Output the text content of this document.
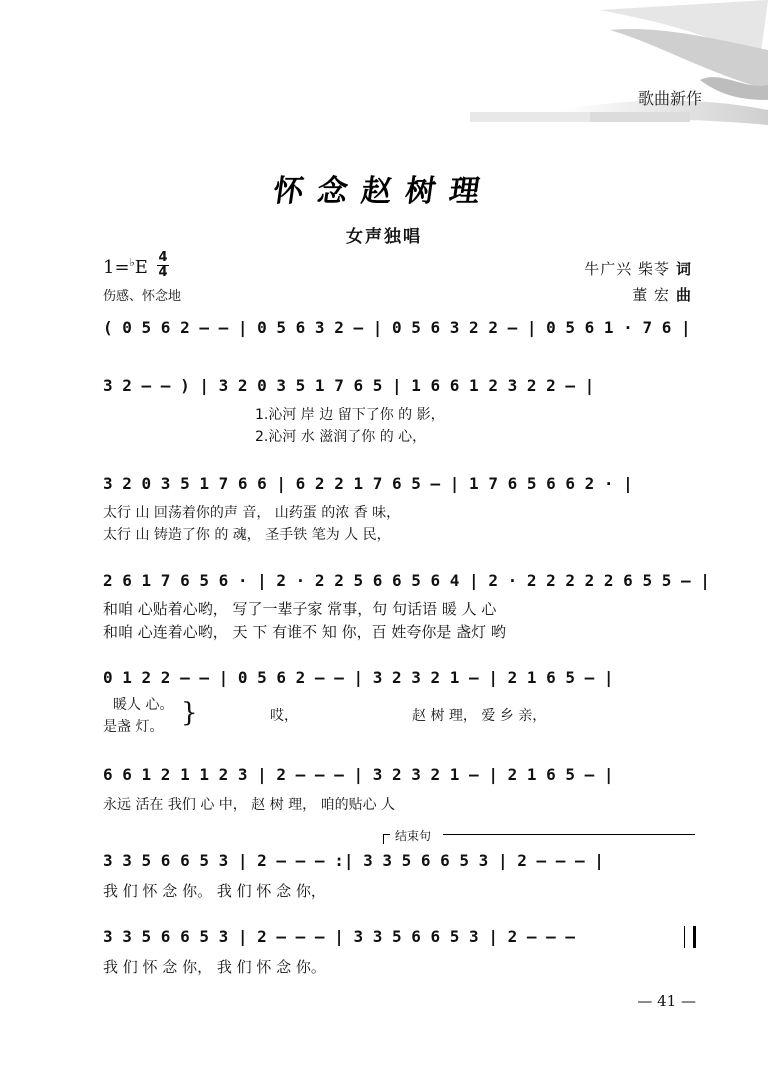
歌曲新作
怀念赵树理
女声独唱
1=♭E 4
4
伤感、怀念地
牛广兴 柴苓 词
董 宏 曲
( 0 5 6 2 – – | 0 5 6 3 2 – | 0 5 6 3 2 2 – | 0 5 6 1 · 7 6 |
3 2 – – ) | 3 2 0 3 5 1 7 6 5 | 1 6 6 1 2 3 2 2 – |
3 2 0 3 5 1 7 6 6 | 6 2 2 1 7 6 5 – | 1 7 6 5 6 6 2 · |
2 6 1 7 6 5 6 · | 2 · 2 2 5 6 6 5 6 4 | 2 · 2 2 2 2 2 6 5 5 – |
0 1 2 2 – – | 0 5 6 2 – – | 3 2 3 2 1 – | 2 1 6 5 – |
6 6 1 2 1 1 2 3 | 2 – – – | 3 2 3 2 1 – | 2 1 6 5 – |
3 3 5 6 6 5 3 | 2 – – – :| 3 3 5 6 6 5 3 | 2 – – – |
3 3 5 6 6 5 3 | 2 – – – | 3 3 5 6 6 5 3 | 2 – – –
1.沁河 岸 边 留下了你 的 影，
2.沁河 水 滋润了你 的 心，
太行 山 回荡着你的声 音， 山药蛋 的浓 香 味，
太行 山 铸造了你 的 魂， 圣手铁 笔为 人 民，
和咱 心贴着心哟， 写了一辈子家 常事，句 句话语 暖 人 心
和咱 心连着心哟， 天 下 有谁不 知 你，百 姓夸你是 盏灯 哟
暖人 心。
是盏 灯。 }	哎，	赵 树 理， 爱 乡 亲，
永远 活在 我们 心 中， 赵 树 理， 咱的贴心 人
结束句
我 们 怀 念 你。 我 们 怀 念 你，
我 们 怀 念 你， 我 们 怀 念 你。
— 41 —
